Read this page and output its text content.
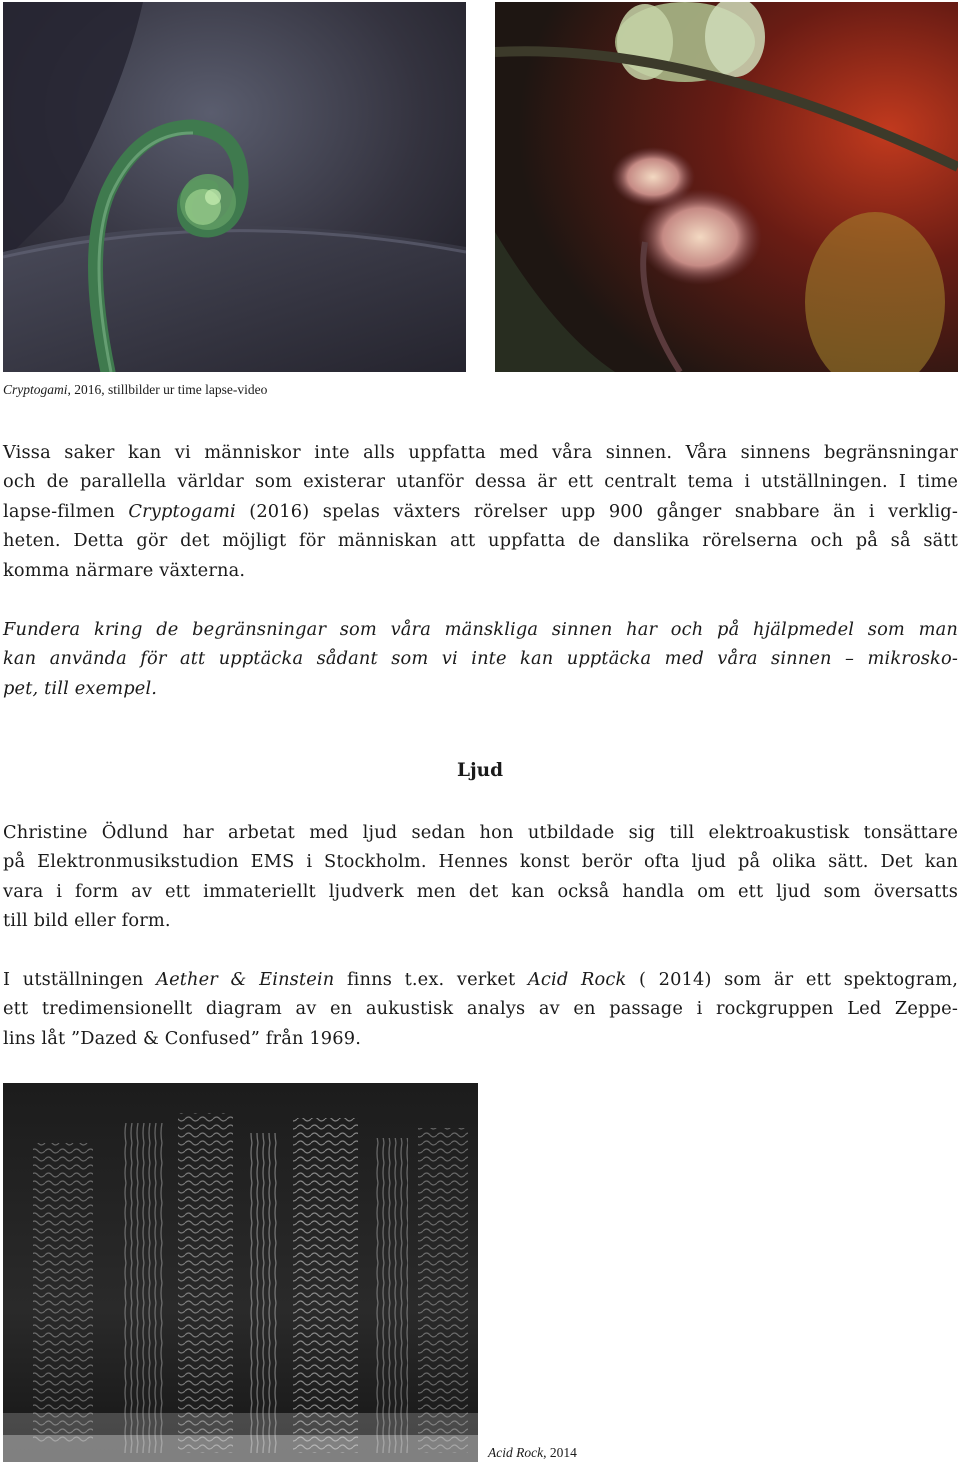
Cryptogami, 2016, stillbilder ur time lapse-video

Vissa saker kan vi människor inte alls uppfatta med våra sinnen. Våra sinnens begränsningar
och de parallella världar som existerar utanför dessa är ett centralt tema i utställningen. I time
lapse-filmen Cryptogami (2016) spelas växters rörelser upp 900 gånger snabbare än i verklig-
heten. Detta gör det möjligt för människan att uppfatta de danslika rörelserna och på så sätt
komma närmare växterna.

Fundera kring de begränsningar som våra mänskliga sinnen har och på hjälpmedel som man
kan använda för att upptäcka sådant som vi inte kan upptäcka med våra sinnen – mikrosko-
pet, till exempel.

Ljud

Christine Ödlund har arbetat med ljud sedan hon utbildade sig till elektroakustisk tonsättare
på Elektronmusikstudion EMS i Stockholm. Hennes konst berör ofta ljud på olika sätt. Det kan
vara i form av ett immateriellt ljudverk men det kan också handla om ett ljud som översatts
till bild eller form.

I utställningen Aether & Einstein finns t.ex. verket Acid Rock ( 2014) som är ett spektogram,
ett tredimensionellt diagram av en aukustisk analys av en passage i rockgruppen Led Zeppe-
lins låt ”Dazed & Confused” från 1969.

Acid Rock, 2014
